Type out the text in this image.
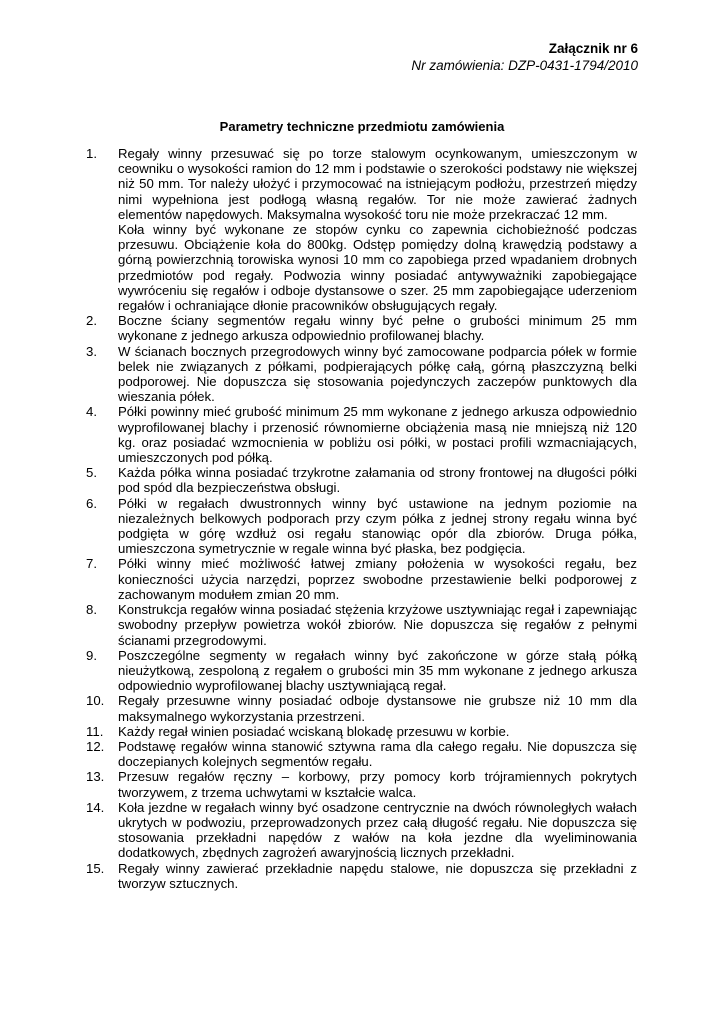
Załącznik nr 6
Nr zamówienia: DZP-0431-1794/2010
Parametry techniczne przedmiotu zamówienia
1.	Regały winny przesuwać się po torze stalowym ocynkowanym, umieszczonym w ceowniku o wysokości ramion do 12 mm i podstawie o szerokości podstawy nie większej niż 50 mm. Tor należy ułożyć i przymocować na istniejącym podłożu, przestrzeń między nimi wypełniona jest podłogą własną regałów. Tor nie może zawierać żadnych elementów napędowych. Maksymalna wysokość toru nie może przekraczać 12 mm.

Koła winny być wykonane ze stopów cynku co zapewnia cichobieżność podczas przesuwu. Obciążenie koła do 800kg. Odstęp pomiędzy dolną krawędzią podstawy a górną powierzchnią torowiska wynosi 10 mm co zapobiega przed wpadaniem drobnych przedmiotów pod regały. Podwozia winny posiadać antywyważniki zapobiegające wywróceniu się regałów i odboje dystansowe o szer. 25 mm zapobiegające uderzeniom regałów i ochraniające dłonie pracowników obsługujących regały.

2.	Boczne ściany segmentów regału winny być pełne o grubości minimum 25 mm wykonane z jednego arkusza odpowiednio profilowanej blachy.

3.	W ścianach bocznych przegrodowych winny być zamocowane podparcia półek w formie belek nie związanych z półkami, podpierających półkę całą, górną płaszczyzną belki podporowej. Nie dopuszcza się stosowania pojedynczych zaczepów punktowych dla wieszania półek.

4.	Półki powinny mieć grubość minimum 25 mm wykonane z jednego arkusza odpowiednio wyprofilowanej blachy i przenosić równomierne obciążenia masą nie mniejszą niż 120 kg. oraz posiadać wzmocnienia w pobliżu osi półki, w postaci profili wzmacniających, umieszczonych pod półką.

5.	Każda półka winna posiadać trzykrotne załamania od strony frontowej na długości półki pod spód dla bezpieczeństwa obsługi.

6.	Półki w regałach dwustronnych winny być ustawione na jednym poziomie na niezależnych belkowych podporach przy czym półka z jednej strony regału winna być podgięta w górę wzdłuż osi regału stanowiąc opór dla zbiorów. Druga półka, umieszczona symetrycznie w regale winna być płaska, bez podgięcia.

7.	Półki winny mieć możliwość łatwej zmiany położenia w wysokości regału, bez konieczności użycia narzędzi, poprzez swobodne przestawienie belki podporowej z zachowanym modułem zmian 20 mm.

8.	Konstrukcja regałów winna posiadać stężenia krzyżowe usztywniając regał i zapewniając swobodny przepływ powietrza wokół zbiorów. Nie dopuszcza się regałów z pełnymi ścianami przegrodowymi.

9.	Poszczególne segmenty w regałach winny być zakończone w górze stałą półką nieużytkową, zespoloną z regałem o grubości min 35 mm wykonane z jednego arkusza odpowiednio wyprofilowanej blachy usztywniającą regał.

10.	Regały przesuwne winny posiadać odboje dystansowe nie grubsze niż 10 mm dla maksymalnego wykorzystania przestrzeni.

11.	Każdy regał winien posiadać wciskaną blokadę przesuwu w korbie.

12.	Podstawę regałów winna stanowić sztywna rama dla całego regału. Nie dopuszcza się doczepianych kolejnych segmentów regału.

13.	Przesuw regałów ręczny – korbowy, przy pomocy korb trójramiennych pokrytych tworzywem, z trzema uchwytami w kształcie walca.

14.	Koła jezdne w regałach winny być osadzone centrycznie na dwóch równoległych wałach ukrytych w podwoziu, przeprowadzonych przez całą długość regału. Nie dopuszcza się stosowania przekładni napędów z wałów na koła jezdne dla wyeliminowania dodatkowych, zbędnych zagrożeń awaryjnością licznych przekładni.

15.	Regały winny zawierać przekładnie napędu stalowe, nie dopuszcza się przekładni z tworzyw sztucznych.
